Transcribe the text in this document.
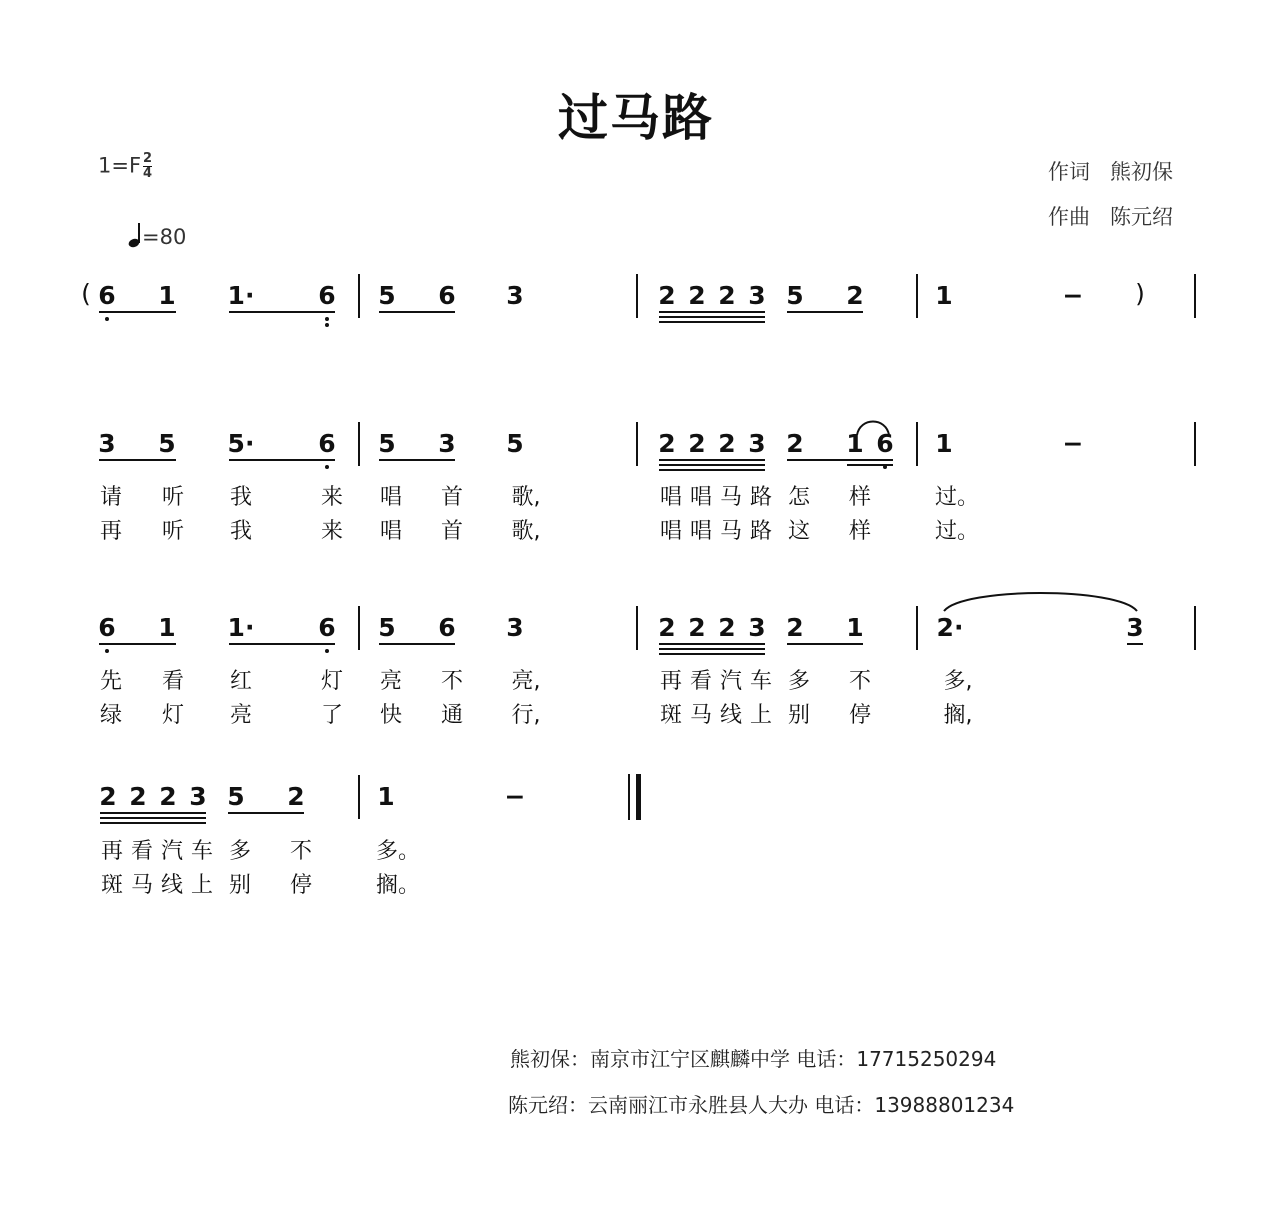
过马路
$1=F \frac{2}{4}$
=80
作词 熊初保
作曲 陈元绍
6	1	1·	6	5	6	3	2 2 2 3 5	2	1	−
3	5	5·	6	5	3	5	2 2 2 3 2	1 6	1	−
请	听	我	来	唱	首	歌,	唱 唱 马 路 怎	样	过。
再	听	我	来	唱	首	歌,	唱 唱 马 路 这	样	过。
6	1	1·	6	5	6	3	2 2 2 3 2	1	2·	3
先	看	红	灯	亮	不	亮,	再 看 汽 车 多	不	多,
绿	灯	亮	了	快	通	行,	斑 马 线 上 别	停	搁,
2 2 2 3 5	2	1	−
再 看 汽 车 多	不	多。
斑 马 线 上 别	停	搁。
(	)
熊初保：南京市江宁区麒麟中学 电话：17715250294
陈元绍：云南丽江市永胜县人大办 电话：13988801234
